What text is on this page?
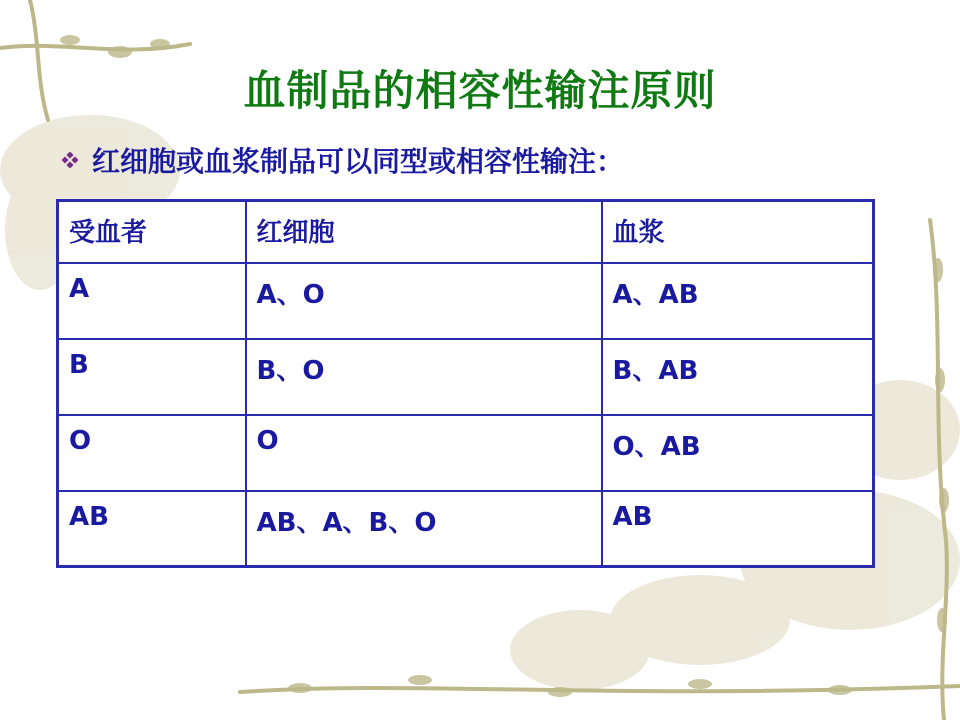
血制品的相容性输注原则
红细胞或血浆制品可以同型或相容性输注：
受血者	红细胞	血浆
A	A、O	A、AB
B	B、O	B、AB
O	O	O、AB
AB	AB、A、B、O	AB
